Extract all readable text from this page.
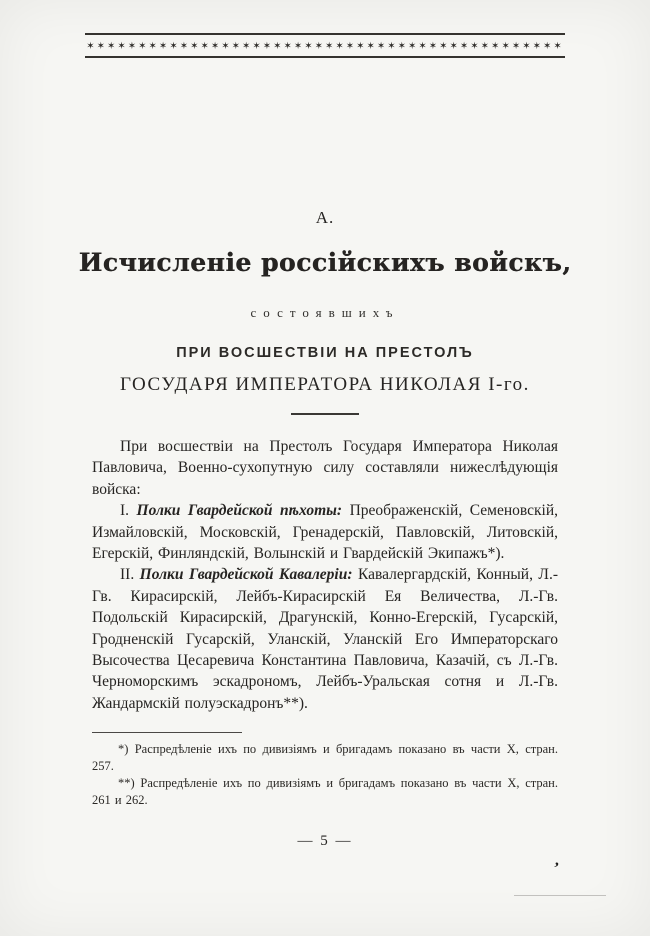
✶✶✶✶✶✶✶✶✶✶✶✶✶✶✶✶✶✶✶✶✶✶✶✶✶✶✶✶✶✶✶✶✶✶✶✶✶✶✶✶✶✶✶✶✶✶
А.
Исчисленіе россійскихъ войскъ,
состоявшихъ
ПРИ ВОСШЕСТВІИ НА ПРЕСТОЛЪ
ГОСУДАРЯ ИМПЕРАТОРА НИКОЛАЯ I-го.

При восшествіи на Престолъ Государя Императора Николая Павловича, Военно-сухопутную силу составляли нижеслѣдующія войска:

I. Полки Гвардейской пѣхоты: Преображенскій, Семеновскій, Измайловскій, Московскій, Гренадерскій, Павловскій, Литовскій, Егерскій, Финляндскій, Волынскій и Гвардейскій Экипажъ*).

II. Полки Гвардейской Кавалеріи: Кавалергардскій, Конный, Л.-Гв. Кирасирскій, Лейбъ-Кирасирскій Ея Величества, Л.-Гв. Подольскій Кирасирскій, Драгунскій, Конно-Егерскій, Гусарскій, Гродненскій Гусарскій, Уланскій, Уланскій Его Императорскаго Высочества Цесаревича Константина Павловича, Казачій, съ Л.-Гв. Черноморскимъ эскадрономъ, Лейбъ-Уральская сотня и Л.-Гв. Жандармскій полуэскадронъ**).

*) Распредѣленіе ихъ по дивизіямъ и бригадамъ показано въ части X, стран. 257.

**) Распредѣленіе ихъ по дивизіямъ и бригадамъ показано въ части X, стран. 261 и 262.

— 5 —
ʼ
